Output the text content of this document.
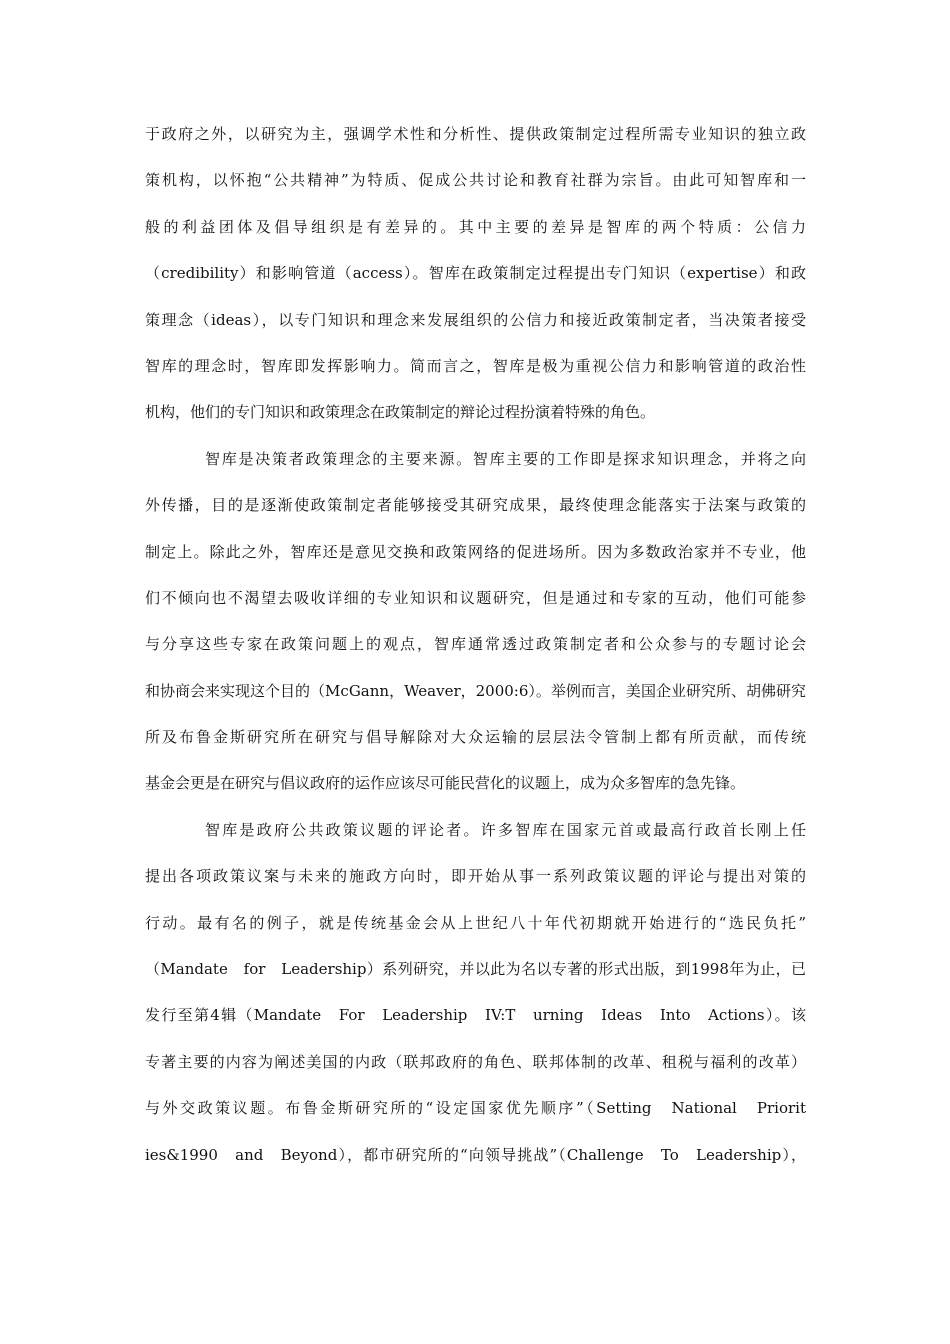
于政府之外，以研究为主，强调学术性和分析性、提供政策制定过程所需专业知识的独立政
策机构，以怀抱“公共精神”为特质、促成公共讨论和教育社群为宗旨。由此可知智库和一
般的利益团体及倡导组织是有差异的。其中主要的差异是智库的两个特质：公信力
（credibility）和影响管道（access）。智库在政策制定过程提出专门知识（expertise）和政
策理念（ideas），以专门知识和理念来发展组织的公信力和接近政策制定者，当决策者接受
智库的理念时，智库即发挥影响力。简而言之，智库是极为重视公信力和影响管道的政治性
机构，他们的专门知识和政策理念在政策制定的辩论过程扮演着特殊的角色。
智库是决策者政策理念的主要来源。智库主要的工作即是探求知识理念，并将之向
外传播，目的是逐渐使政策制定者能够接受其研究成果，最终使理念能落实于法案与政策的
制定上。除此之外，智库还是意见交换和政策网络的促进场所。因为多数政治家并不专业，他
们不倾向也不渴望去吸收详细的专业知识和议题研究，但是通过和专家的互动，他们可能参
与分享这些专家在政策问题上的观点，智库通常透过政策制定者和公众参与的专题讨论会
和协商会来实现这个目的（McGann，Weaver，2000:6）。举例而言，美国企业研究所、胡佛研究
所及布鲁金斯研究所在研究与倡导解除对大众运输的层层法令管制上都有所贡献，而传统
基金会更是在研究与倡议政府的运作应该尽可能民营化的议题上，成为众多智库的急先锋。
智库是政府公共政策议题的评论者。许多智库在国家元首或最高行政首长刚上任
提出各项政策议案与未来的施政方向时，即开始从事一系列政策议题的评论与提出对策的
行动。最有名的例子，就是传统基金会从上世纪八十年代初期就开始进行的“选民负托”
（Mandate　for　Leadership）系列研究，并以此为名以专著的形式出版，到1998年为止，已
发行至第4辑（Mandate　For　Leadership　IV:T　urning　Ideas　Into　Actions）。该
专著主要的内容为阐述美国的内政（联邦政府的角色、联邦体制的改革、租税与福利的改革）
与外交政策议题。布鲁金斯研究所的“设定国家优先顺序”（Setting　National　Priorit
ies&1990　and　Beyond），都市研究所的“向领导挑战”（Challenge　To　Leadership），
